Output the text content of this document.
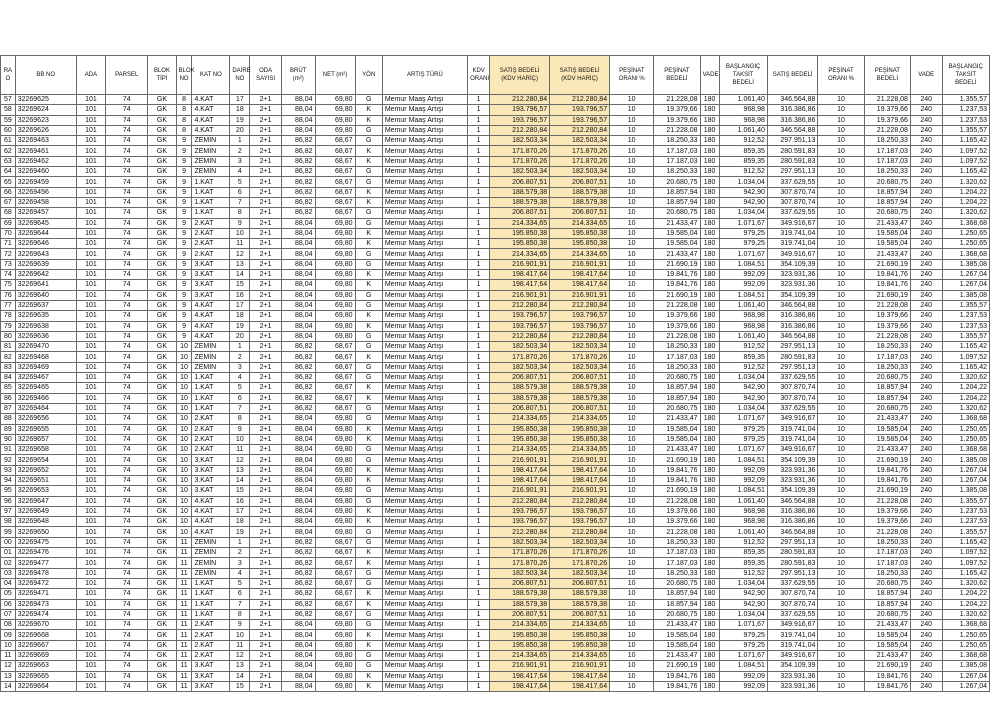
RA O	BB NO	ADA	PARSEL	BLOK TİPİ	BLOK NO	KAT NO	DAİRE NO	ODA SAYISI	BRÜT (m²)	NET (m²)	YÖN	ARTIŞ TÜRÜ	KDV ORANI	SATIŞ BEDELİ (KDV HARİÇ)	SATIŞ BEDELİ (KDV HARİÇ)	PEŞİNAT ORANI %	PEŞİNAT BEDELİ	VADE	BAŞLANGIÇ TAKSİT BEDELİ	SATIŞ BEDELİ	PEŞİNAT ORANI %	PEŞİNAT BEDELİ	VADE	BAŞLANGIÇ TAKSİT BEDELİ
57	32269625	101	74	GK	8	4.KAT	17	2+1	88,04	69,80	G	Memur Maaş Artışı	1	212.280,84	212.280,84	10	21.228,08	180	1.061,40	346.564,88	10	21.228,08	240	1.355,57
58	32269624	101	74	GK	8	4.KAT	18	2+1	88,04	69,80	K	Memur Maaş Artışı	1	193.796,57	193.796,57	10	19.379,66	180	968,98	316.386,86	10	19.379,66	240	1.237,53
59	32269623	101	74	GK	8	4.KAT	19	2+1	88,04	69,80	K	Memur Maaş Artışı	1	193.796,57	193.796,57	10	19.379,66	180	968,98	316.386,86	10	19.379,66	240	1.237,53
60	32269626	101	74	GK	8	4.KAT	20	2+1	88,04	69,80	G	Memur Maaş Artışı	1	212.280,84	212.280,84	10	21.228,08	180	1.061,40	346.564,88	10	21.228,08	240	1.355,57
61	32269463	101	74	GK	9	ZEMİN	1	2+1	86,82	68,67	G	Memur Maaş Artışı	1	182.503,34	182.503,34	10	18.250,33	180	912,52	297.951,13	10	18.250,33	240	1.165,42
62	32269461	101	74	GK	9	ZEMİN	2	2+1	86,82	68,67	K	Memur Maaş Artışı	1	171.870,26	171.870,26	10	17.187,03	180	859,35	280.591,83	10	17.187,03	240	1.097,52
63	32269462	101	74	GK	9	ZEMİN	3	2+1	86,82	68,67	K	Memur Maaş Artışı	1	171.870,26	171.870,26	10	17.187,03	180	859,35	280.591,83	10	17.187,03	240	1.097,52
64	32269460	101	74	GK	9	ZEMİN	4	2+1	86,82	68,67	G	Memur Maaş Artışı	1	182.503,34	182.503,34	10	18.250,33	180	912,52	297.951,13	10	18.250,33	240	1.165,42
65	32269459	101	74	GK	9	1.KAT	5	2+1	86,82	68,67	G	Memur Maaş Artışı	1	206.807,51	206.807,51	10	20.680,75	180	1.034,04	337.629,55	10	20.680,75	240	1.320,62
66	32269456	101	74	GK	9	1.KAT	6	2+1	86,82	68,67	K	Memur Maaş Artışı	1	188.579,38	188.579,38	10	18.857,94	180	942,90	307.870,74	10	18.857,94	240	1.204,22
67	32269458	101	74	GK	9	1.KAT	7	2+1	86,82	68,67	K	Memur Maaş Artışı	1	188.579,38	188.579,38	10	18.857,94	180	942,90	307.870,74	10	18.857,94	240	1.204,22
68	32269457	101	74	GK	9	1.KAT	8	2+1	86,82	68,67	G	Memur Maaş Artışı	1	206.807,51	206.807,51	10	20.680,75	180	1.034,04	337.629,55	10	20.680,75	240	1.320,62
69	32269645	101	74	GK	9	2.KAT	9	2+1	88,04	69,80	G	Memur Maaş Artışı	1	214.334,65	214.334,65	10	21.433,47	180	1.071,67	349.916,67	10	21.433,47	240	1.368,68
70	32269644	101	74	GK	9	2.KAT	10	2+1	88,04	69,80	K	Memur Maaş Artışı	1	195.850,38	195.850,38	10	19.585,04	180	979,25	319.741,04	10	19.585,04	240	1.250,65
71	32269646	101	74	GK	9	2.KAT	11	2+1	88,04	69,80	K	Memur Maaş Artışı	1	195.850,38	195.850,38	10	19.585,04	180	979,25	319.741,04	10	19.585,04	240	1.250,65
72	32269643	101	74	GK	9	2.KAT	12	2+1	88,04	69,80	G	Memur Maaş Artışı	1	214.334,65	214.334,65	10	21.433,47	180	1.071,67	349.916,67	10	21.433,47	240	1.368,68
73	32269639	101	74	GK	9	3.KAT	13	2+1	88,04	69,80	G	Memur Maaş Artışı	1	216.901,91	216.901,91	10	21.690,19	180	1.084,51	354.109,39	10	21.690,19	240	1.385,08
74	32269642	101	74	GK	9	3.KAT	14	2+1	88,04	69,80	K	Memur Maaş Artışı	1	198.417,64	198.417,64	10	19.841,76	180	992,09	323.931,36	10	19.841,76	240	1.267,04
75	32269641	101	74	GK	9	3.KAT	15	2+1	88,04	69,80	K	Memur Maaş Artışı	1	198.417,64	198.417,64	10	19.841,76	180	992,09	323.931,36	10	19.841,76	240	1.267,04
76	32269640	101	74	GK	9	3.KAT	16	2+1	88,04	69,80	G	Memur Maaş Artışı	1	216.901,91	216.901,91	10	21.690,19	180	1.084,51	354.109,39	10	21.690,19	240	1.385,08
77	32269637	101	74	GK	9	4.KAT	17	2+1	88,04	69,80	G	Memur Maaş Artışı	1	212.280,84	212.280,84	10	21.228,08	180	1.061,40	346.564,88	10	21.228,08	240	1.355,57
78	32269635	101	74	GK	9	4.KAT	18	2+1	88,04	69,80	K	Memur Maaş Artışı	1	193.796,57	193.796,57	10	19.379,66	180	968,98	316.386,86	10	19.379,66	240	1.237,53
79	32269638	101	74	GK	9	4.KAT	19	2+1	88,04	69,80	K	Memur Maaş Artışı	1	193.796,57	193.796,57	10	19.379,66	180	968,98	316.386,86	10	19.379,66	240	1.237,53
80	32269636	101	74	GK	9	4.KAT	20	2+1	88,04	69,80	G	Memur Maaş Artışı	1	212.280,84	212.280,84	10	21.228,08	180	1.061,40	346.564,88	10	21.228,08	240	1.355,57
81	32269470	101	74	GK	10	ZEMİN	1	2+1	86,82	68,67	G	Memur Maaş Artışı	1	182.503,34	182.503,34	10	18.250,33	180	912,52	297.951,13	10	18.250,33	240	1.165,42
82	32269468	101	74	GK	10	ZEMİN	2	2+1	86,82	68,67	K	Memur Maaş Artışı	1	171.870,26	171.870,26	10	17.187,03	180	859,35	280.591,83	10	17.187,03	240	1.097,52
83	32269469	101	74	GK	10	ZEMİN	3	2+1	86,82	68,67	G	Memur Maaş Artışı	1	182.503,34	182.503,34	10	18.250,33	180	912,52	297.951,13	10	18.250,33	240	1.165,42
84	32269467	101	74	GK	10	1.KAT	4	2+1	86,82	68,67	G	Memur Maaş Artışı	1	206.807,51	206.807,51	10	20.680,75	180	1.034,04	337.629,55	10	20.680,75	240	1.320,62
85	32269465	101	74	GK	10	1.KAT	5	2+1	86,82	68,67	K	Memur Maaş Artışı	1	188.579,38	188.579,38	10	18.857,94	180	942,90	307.870,74	10	18.857,94	240	1.204,22
86	32269466	101	74	GK	10	1.KAT	6	2+1	86,82	68,67	K	Memur Maaş Artışı	1	188.579,38	188.579,38	10	18.857,94	180	942,90	307.870,74	10	18.857,94	240	1.204,22
87	32269464	101	74	GK	10	1.KAT	7	2+1	86,82	68,67	G	Memur Maaş Artışı	1	206.807,51	206.807,51	10	20.680,75	180	1.034,04	337.629,55	10	20.680,75	240	1.320,62
88	32269656	101	74	GK	10	2.KAT	8	2+1	88,04	69,80	G	Memur Maaş Artışı	1	214.334,65	214.334,65	10	21.433,47	180	1.071,67	349.916,67	10	21.433,47	240	1.368,68
89	32269655	101	74	GK	10	2.KAT	9	2+1	88,04	69,80	K	Memur Maaş Artışı	1	195.850,38	195.850,38	10	19.585,04	180	979,25	319.741,04	10	19.585,04	240	1.250,65
90	32269657	101	74	GK	10	2.KAT	10	2+1	88,04	69,80	K	Memur Maaş Artışı	1	195.850,38	195.850,38	10	19.585,04	180	979,25	319.741,04	10	19.585,04	240	1.250,65
91	32269658	101	74	GK	10	2.KAT	11	2+1	88,04	69,80	G	Memur Maaş Artışı	1	214.334,65	214.334,65	10	21.433,47	180	1.071,67	349.916,67	10	21.433,47	240	1.368,68
92	32269654	101	74	GK	10	3.KAT	12	2+1	88,04	69,80	G	Memur Maaş Artışı	1	216.901,91	216.901,91	10	21.690,19	180	1.084,51	354.109,39	10	21.690,19	240	1.385,08
93	32269652	101	74	GK	10	3.KAT	13	2+1	88,04	69,80	K	Memur Maaş Artışı	1	198.417,64	198.417,64	10	19.841,76	180	992,09	323.931,36	10	19.841,76	240	1.267,04
94	32269651	101	74	GK	10	3.KAT	14	2+1	88,04	69,80	K	Memur Maaş Artışı	1	198.417,64	198.417,64	10	19.841,76	180	992,09	323.931,36	10	19.841,76	240	1.267,04
95	32269653	101	74	GK	10	3.KAT	15	2+1	88,04	69,80	G	Memur Maaş Artışı	1	216.901,91	216.901,91	10	21.690,19	180	1.084,51	354.109,39	10	21.690,19	240	1.385,08
96	32269647	101	74	GK	10	4.KAT	16	2+1	88,04	69,80	G	Memur Maaş Artışı	1	212.280,84	212.280,84	10	21.228,08	180	1.061,40	346.564,88	10	21.228,08	240	1.355,57
97	32269649	101	74	GK	10	4.KAT	17	2+1	88,04	69,80	K	Memur Maaş Artışı	1	193.796,57	193.796,57	10	19.379,66	180	968,98	316.386,86	10	19.379,66	240	1.237,53
98	32269648	101	74	GK	10	4.KAT	18	2+1	88,04	69,80	K	Memur Maaş Artışı	1	193.796,57	193.796,57	10	19.379,66	180	968,98	316.386,86	10	19.379,66	240	1.237,53
99	32269650	101	74	GK	10	4.KAT	19	2+1	88,04	69,80	G	Memur Maaş Artışı	1	212.280,84	212.280,84	10	21.228,08	180	1.061,40	346.564,88	10	21.228,08	240	1.355,57
00	32269475	101	74	GK	11	ZEMİN	1	2+1	86,82	68,67	G	Memur Maaş Artışı	1	182.503,34	182.503,34	10	18.250,33	180	912,52	297.951,13	10	18.250,33	240	1.165,42
01	32269476	101	74	GK	11	ZEMİN	2	2+1	86,82	68,67	K	Memur Maaş Artışı	1	171.870,26	171.870,26	10	17.187,03	180	859,35	280.591,83	10	17.187,03	240	1.097,52
02	32269477	101	74	GK	11	ZEMİN	3	2+1	86,82	68,67	K	Memur Maaş Artışı	1	171.870,26	171.870,26	10	17.187,03	180	859,35	280.591,83	10	17.187,03	240	1.097,52
03	32269478	101	74	GK	11	ZEMİN	4	2+1	86,82	68,67	G	Memur Maaş Artışı	1	182.503,34	182.503,34	10	18.250,33	180	912,52	297.951,13	10	18.250,33	240	1.165,42
04	32269472	101	74	GK	11	1.KAT	5	2+1	86,82	68,67	G	Memur Maaş Artışı	1	206.807,51	206.807,51	10	20.680,75	180	1.034,04	337.629,55	10	20.680,75	240	1.320,62
05	32269471	101	74	GK	11	1.KAT	6	2+1	86,82	68,67	K	Memur Maaş Artışı	1	188.579,38	188.579,38	10	18.857,94	180	942,90	307.870,74	10	18.857,94	240	1.204,22
06	32269473	101	74	GK	11	1.KAT	7	2+1	86,82	68,67	K	Memur Maaş Artışı	1	188.579,38	188.579,38	10	18.857,94	180	942,90	307.870,74	10	18.857,94	240	1.204,22
07	32269474	101	74	GK	11	1.KAT	8	2+1	86,82	68,67	G	Memur Maaş Artışı	1	206.807,51	206.807,51	10	20.680,75	180	1.034,04	337.629,55	10	20.680,75	240	1.320,62
08	32269670	101	74	GK	11	2.KAT	9	2+1	88,04	69,80	G	Memur Maaş Artışı	1	214.334,65	214.334,65	10	21.433,47	180	1.071,67	349.916,67	10	21.433,47	240	1.368,68
09	32269668	101	74	GK	11	2.KAT	10	2+1	88,04	69,80	K	Memur Maaş Artışı	1	195.850,38	195.850,38	10	19.585,04	180	979,25	319.741,04	10	19.585,04	240	1.250,65
10	32269667	101	74	GK	11	2.KAT	11	2+1	88,04	69,80	K	Memur Maaş Artışı	1	195.850,38	195.850,38	10	19.585,04	180	979,25	319.741,04	10	19.585,04	240	1.250,65
11	32269669	101	74	GK	11	2.KAT	12	2+1	88,04	69,80	G	Memur Maaş Artışı	1	214.334,65	214.334,65	10	21.433,47	180	1.071,67	349.916,67	10	21.433,47	240	1.368,68
12	32269663	101	74	GK	11	3.KAT	13	2+1	88,04	69,80	G	Memur Maaş Artışı	1	216.901,91	216.901,91	10	21.690,19	180	1.084,51	354.109,39	10	21.690,19	240	1.385,08
13	32269665	101	74	GK	11	3.KAT	14	2+1	88,04	69,80	K	Memur Maaş Artışı	1	198.417,64	198.417,64	10	19.841,76	180	992,09	323.931,36	10	19.841,76	240	1.267,04
14	32269664	101	74	GK	11	3.KAT	15	2+1	88,04	69,80	K	Memur Maaş Artışı	1	198.417,64	198.417,64	10	19.841,76	180	992,09	323.931,36	10	19.841,76	240	1.267,04
